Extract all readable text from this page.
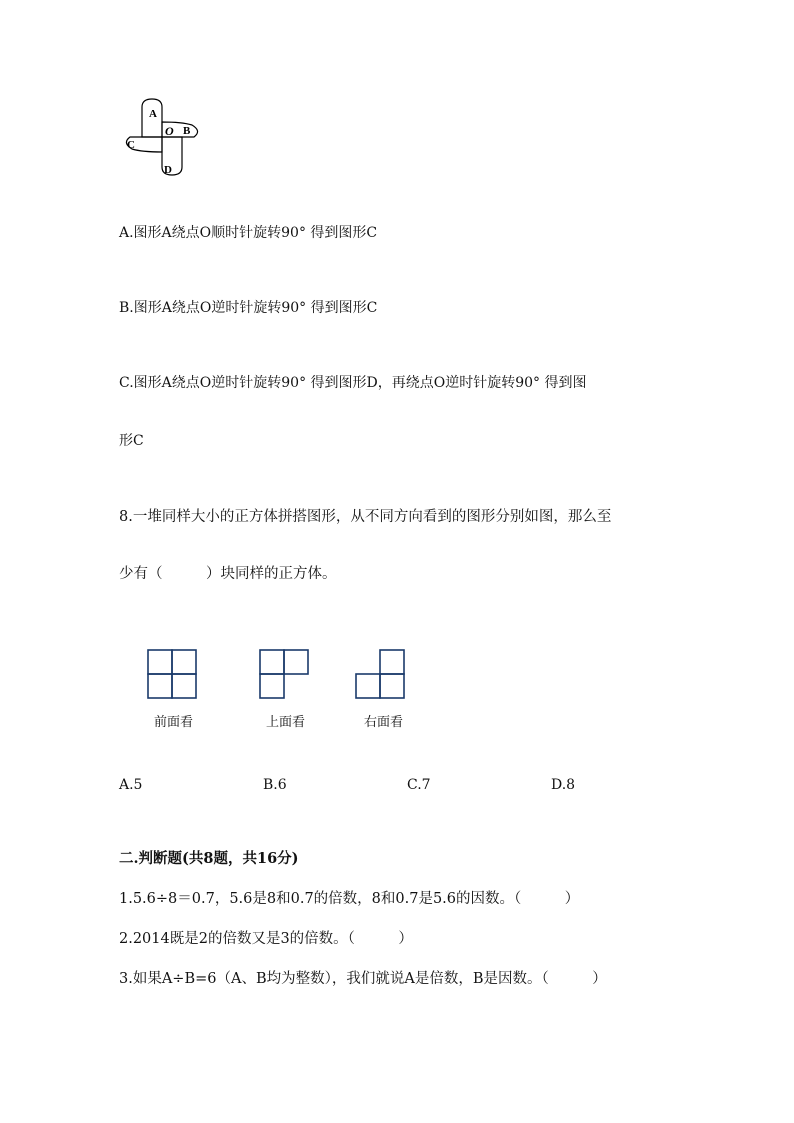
A
O B
C
D
A.图形A绕点O顺时针旋转90° 得到图形C
B.图形A绕点O逆时针旋转90° 得到图形C
C.图形A绕点O逆时针旋转90° 得到图形D，再绕点O逆时针旋转90° 得到图
形C
8.一堆同样大小的正方体拼搭图形，从不同方向看到的图形分别如图，那么至
少有（　　　）块同样的正方体。
前面看	上面看	右面看
A.5	B.6	C.7	D.8
二.判断题(共8题，共16分)
1.5.6÷8＝0.7，5.6是8和0.7的倍数，8和0.7是5.6的因数。（　　　）
2.2014既是2的倍数又是3的倍数。（　　　）
3.如果A÷B=6（A、B均为整数），我们就说A是倍数，B是因数。（　　　）
